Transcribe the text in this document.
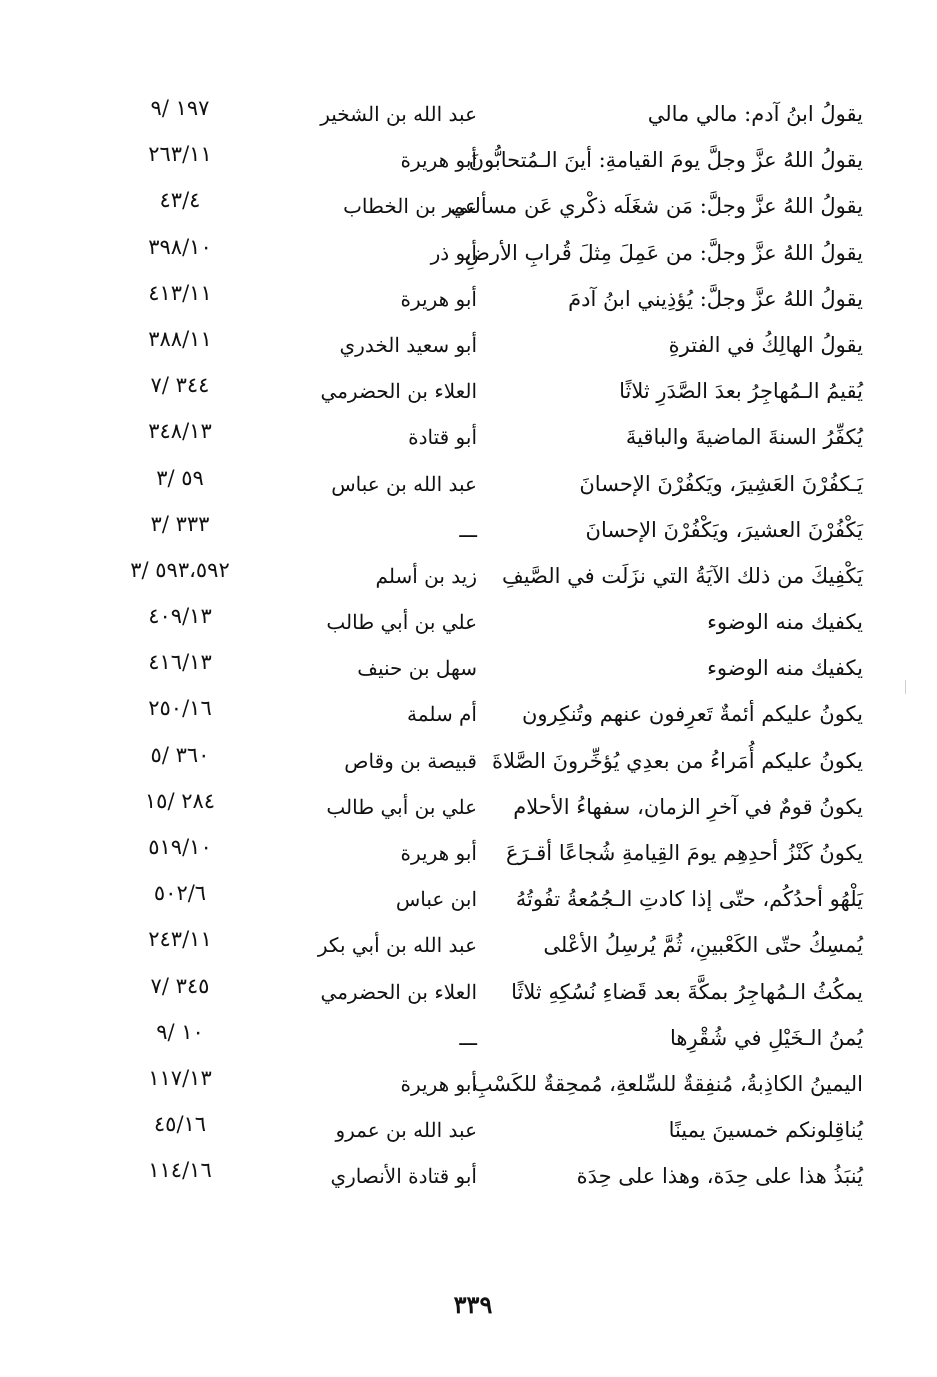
يقولُ ابنُ آدم: مالي مالي
عبد الله بن الشخير
١٩٧ /٩
يقولُ اللهُ عزَّ وجلَّ يومَ القيامةِ: أينَ الـمُتحابُّونَ
أبو هريرة
٢٦٣/١١
يقولُ اللهُ عزَّ وجلَّ: مَن شغَلَه ذكْري عَن مسألتي
عمر بن الخطاب
٤٣/٤
يقولُ اللهُ عزَّ وجلَّ: من عَمِلَ مِثلَ قُرابِ الأرضِ
أبو ذر
٣٩٨/١٠
يقولُ اللهُ عزَّ وجلَّ: يُؤذِيني ابنُ آدمَ
أبو هريرة
٤١٣/١١
يقولُ الهالِكُ في الفترةِ
أبو سعيد الخدري
٣٨٨/١١
يُقيمُ الـمُهاجِرُ بعدَ الصَّدَرِ ثلاثًا
العلاء بن الحضرمي
٣٤٤ /٧
يُكفِّرُ السنةَ الماضيةَ والباقيةَ
أبو قتادة
٣٤٨/١٣
يَـكفُرْنَ العَشِيرَ، ويَكفُرْنَ الإحسانَ
عبد الله بن عباس
٥٩ /٣
يَكْفُرْنَ العشيرَ، ويَكْفُرْنَ الإحسانَ
ـــ
٣٣٣ /٣
يَكْفِيكَ من ذلك الآيَةُ التي نزَلَت في الصَّيفِ
زيد بن أسلم
٥٩٣،٥٩٢ /٣
يكفيك منه الوضوء
علي بن أبي طالب
٤٠٩/١٣
يكفيك منه الوضوء
سهل بن حنيف
٤١٦/١٣
يكونُ عليكم أئمةٌ تَعرِفون عنهم وتُنكِرون
أم سلمة
٢٥٠/١٦
يكونُ عليكم أُمَراءُ من بعدِي يُؤخِّرونَ الصَّلاةَ
قبيصة بن وقاص
٣٦٠ /٥
يكونُ قومٌ في آخرِ الزمان، سفهاءُ الأحلام
علي بن أبي طالب
٢٨٤ /١٥
يكونُ كَنْزُ أحدِهِم يومَ القِيامةِ شُجاعًا أقـرَعَ
أبو هريرة
٥١٩/١٠
يَلْهُو أحدُكُم، حتّى إذا كادتِ الـجُمُعةُ تفُوتُهُ
ابن عباس
٥٠٢/٦
يُمسِكُ حتّى الكَعْبينِ، ثُمَّ يُرسِلُ الأعْلى
عبد الله بن أبي بكر
٢٤٣/١١
يمكُثُ الـمُهاجِرُ بمكَّةَ بعد قَضاءِ نُسُكِهِ ثلاثًا
العلاء بن الحضرمي
٣٤٥ /٧
يُمنُ الـخَيْلِ في شُقْرِها
ـــ
١٠ /٩
اليمينُ الكاذِبةُ، مُنفِقةٌ للسِّلعةِ، مُمحِقةٌ للكَسْبِ
أبو هريرة
١١٧/١٣
يُناقِلونكم خمسينَ يمينًا
عبد الله بن عمرو
٤٥/١٦
يُنبَذُ هذا على حِدَة، وهذا على حِدَة
أبو قتادة الأنصاري
١١٤/١٦
٣٣٩
